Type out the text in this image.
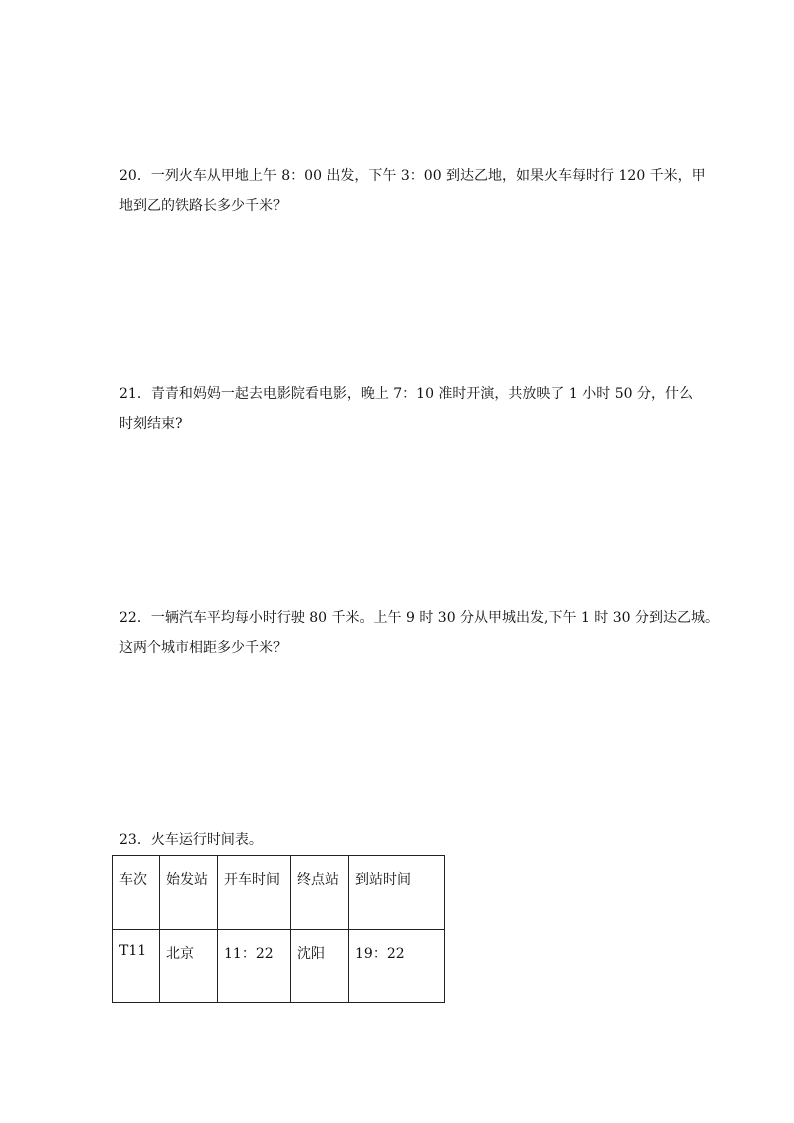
20．一列火车从甲地上午 8：00 出发，下午 3：00 到达乙地，如果火车每时行 120 千米，甲
地到乙的铁路长多少千米？
21．青青和妈妈一起去电影院看电影，晚上 7：10 准时开演，共放映了 1 小时 50 分，什么
时刻结束?
22．一辆汽车平均每小时行驶 80 千米。上午 9 时 30 分从甲城出发,下午 1 时 30 分到达乙城。
这两个城市相距多少千米？
23．火车运行时间表。
车次	始发站	开车时间	终点站	到站时间
T11	北京	11：22	沈阳	19：22
